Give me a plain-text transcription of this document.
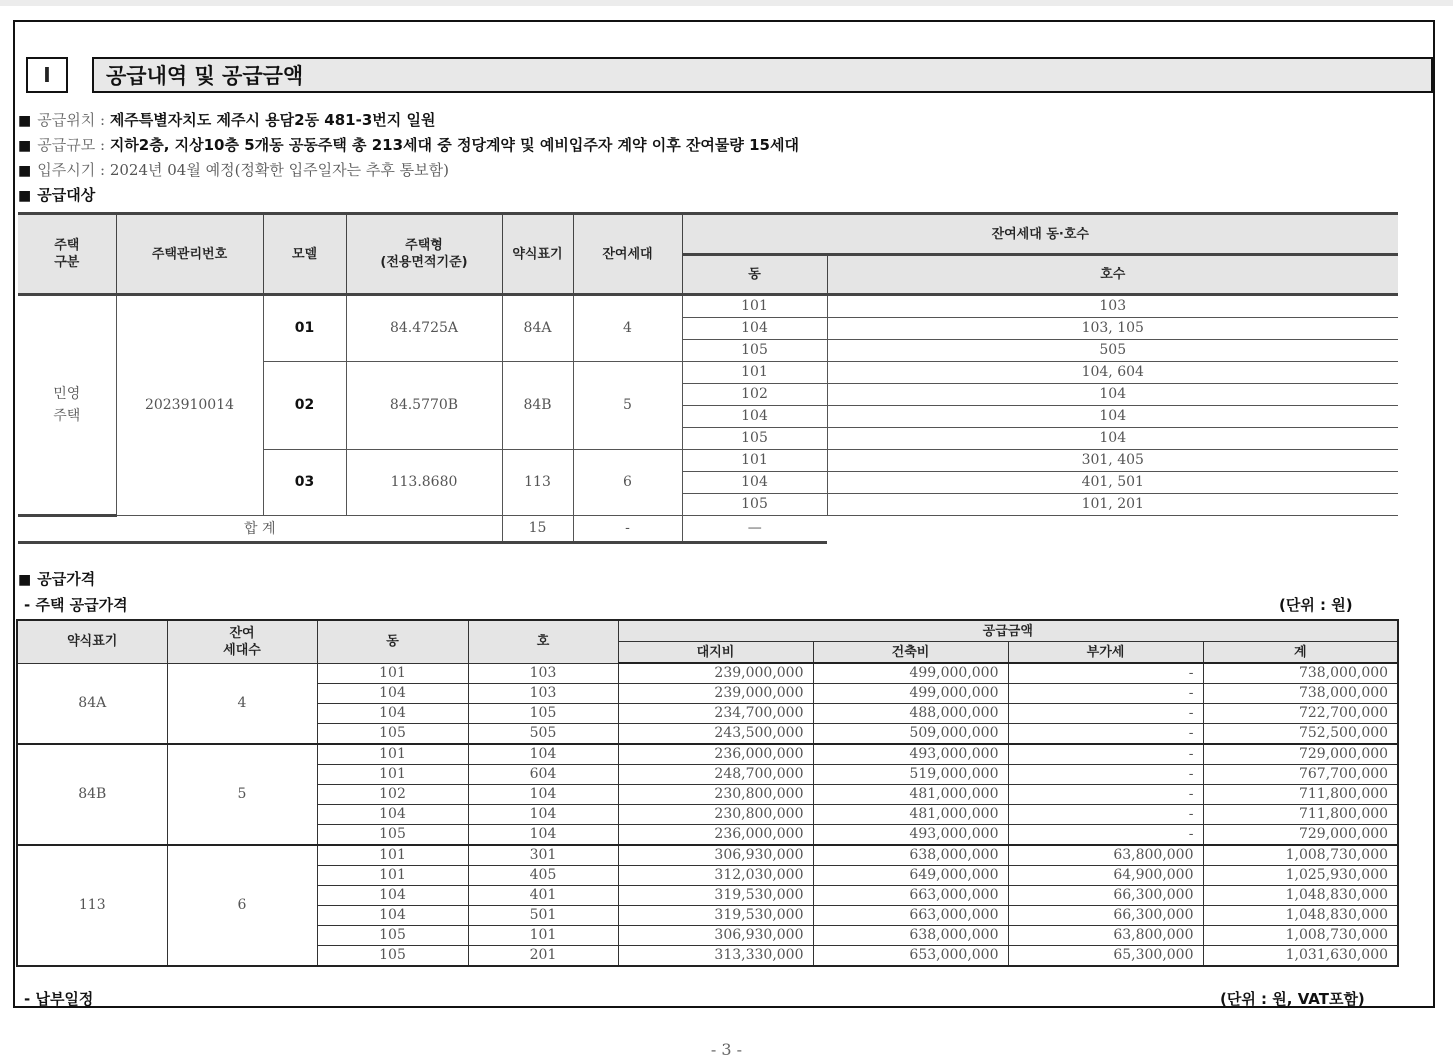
I	공급내역 및 공급금액
■ 공급위치 : 제주특별자치도 제주시 용담2동 481-3번지 일원
■ 공급규모 : 지하2층, 지상10층 5개동 공동주택 총 213세대 중 정당계약 및 예비입주자 계약 이후 잔여물량 15세대
■ 입주시기 : 2024년 04월 예정(정확한 입주일자는 추후 통보함)
■ 공급대상
주택 구분	주택관리번호	모델	주택형
(전용면적기준)	약식표기	잔여세대	잔여세대 동·호수	
						동	호수
민영
주택	2023910014	01	84.4725A	84A	4	101	103
						104	103, 105
						105	505
		02	84.5770B	84B	5	101	104, 604
						102	104
						104	104
						105	104
		03	113.8680	113	6	101	301, 405
						104	401, 501
						105	101, 201
합 계				15	-	—	
■ 공급가격
- 주택 공급가격	(단위 : 원)
약식표기	잔여
세대수	동	호	공급금액			
				대지비	건축비	부가세	계
84A	4	101	103	239,000,000	499,000,000	-	738,000,000
		104	103	239,000,000	499,000,000	-	738,000,000
		104	105	234,700,000	488,000,000	-	722,700,000
		105	505	243,500,000	509,000,000	-	752,500,000
84B	5	101	104	236,000,000	493,000,000	-	729,000,000
		101	604	248,700,000	519,000,000	-	767,700,000
		102	104	230,800,000	481,000,000	-	711,800,000
		104	104	230,800,000	481,000,000	-	711,800,000
		105	104	236,000,000	493,000,000	-	729,000,000
113	6	101	301	306,930,000	638,000,000	63,800,000	1,008,730,000
		101	405	312,030,000	649,000,000	64,900,000	1,025,930,000
		104	401	319,530,000	663,000,000	66,300,000	1,048,830,000
		104	501	319,530,000	663,000,000	66,300,000	1,048,830,000
		105	101	306,930,000	638,000,000	63,800,000	1,008,730,000
		105	201	313,330,000	653,000,000	65,300,000	1,031,630,000
- 납부일정	(단위 : 원, VAT포함)
- 3 -
